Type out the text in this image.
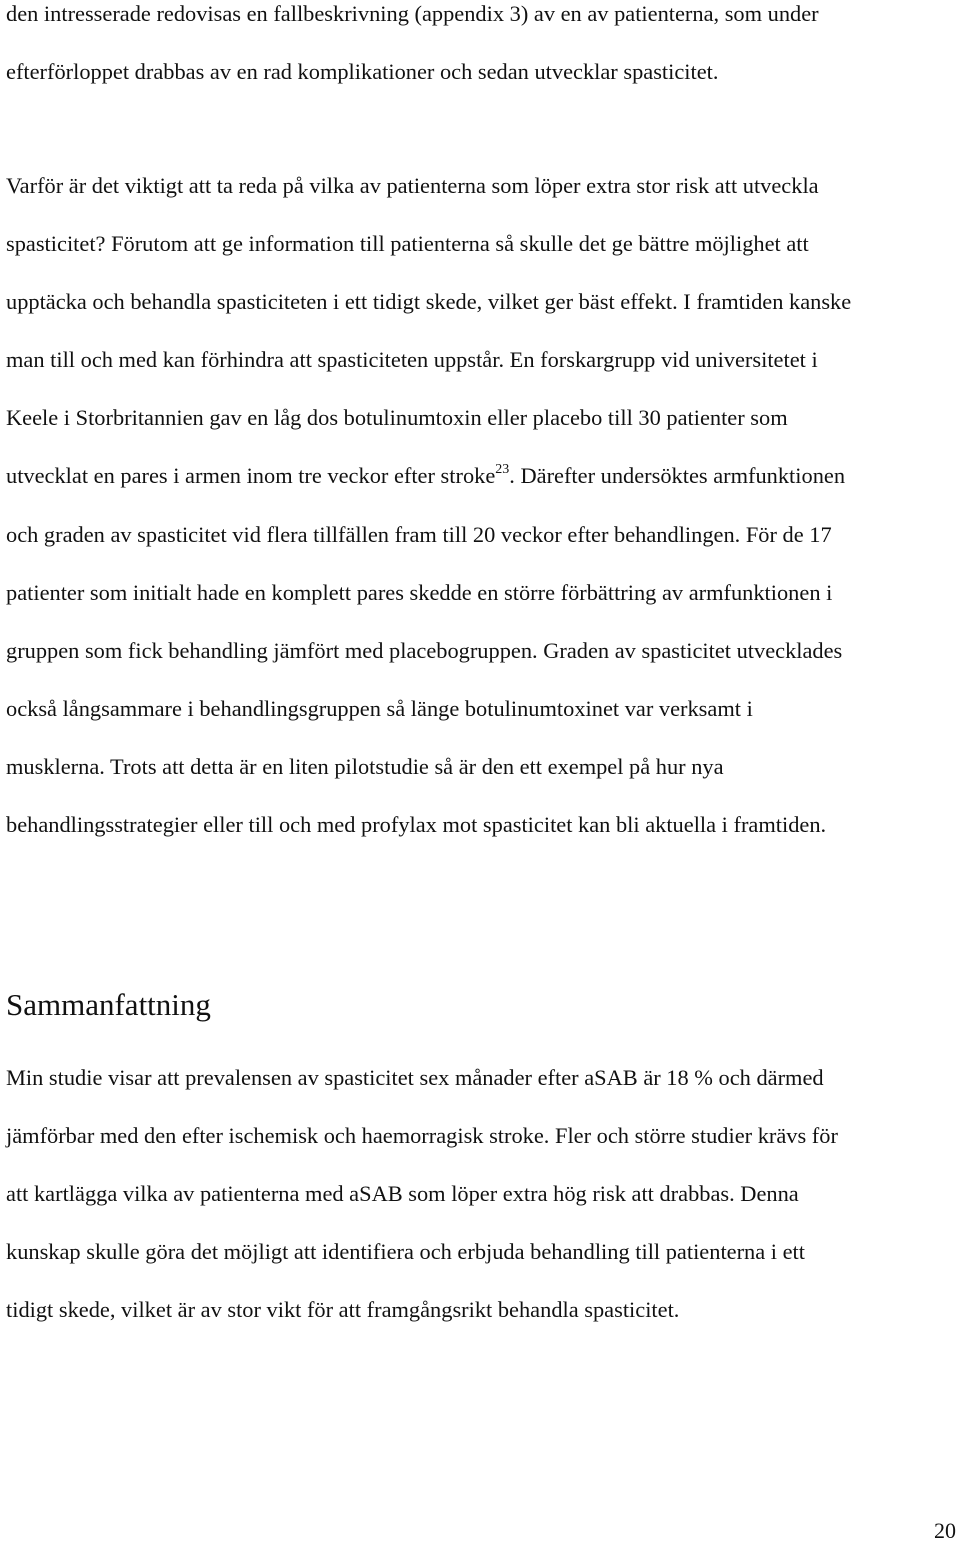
den intresserade redovisas en fallbeskrivning (appendix 3) av en av patienterna, som under
efterförloppet drabbas av en rad komplikationer och sedan utvecklar spasticitet.
Varför är det viktigt att ta reda på vilka av patienterna som löper extra stor risk att utveckla
spasticitet? Förutom att ge information till patienterna så skulle det ge bättre möjlighet att
upptäcka och behandla spasticiteten i ett tidigt skede, vilket ger bäst effekt. I framtiden kanske
man till och med kan förhindra att spasticiteten uppstår. En forskargrupp vid universitetet i
Keele i Storbritannien gav en låg dos botulinumtoxin eller placebo till 30 patienter som
utvecklat en pares i armen inom tre veckor efter stroke$^{23}$. Därefter undersöktes armfunktionen
och graden av spasticitet vid flera tillfällen fram till 20 veckor efter behandlingen. För de 17
patienter som initialt hade en komplett pares skedde en större förbättring av armfunktionen i
gruppen som fick behandling jämfört med placebogruppen. Graden av spasticitet utvecklades
också långsammare i behandlingsgruppen så länge botulinumtoxinet var verksamt i
musklerna. Trots att detta är en liten pilotstudie så är den ett exempel på hur nya
behandlingsstrategier eller till och med profylax mot spasticitet kan bli aktuella i framtiden.
Sammanfattning
Min studie visar att prevalensen av spasticitet sex månader efter aSAB är 18 % och därmed
jämförbar med den efter ischemisk och haemorragisk stroke. Fler och större studier krävs för
att kartlägga vilka av patienterna med aSAB som löper extra hög risk att drabbas. Denna
kunskap skulle göra det möjligt att identifiera och erbjuda behandling till patienterna i ett
tidigt skede, vilket är av stor vikt för att framgångsrikt behandla spasticitet.
20
